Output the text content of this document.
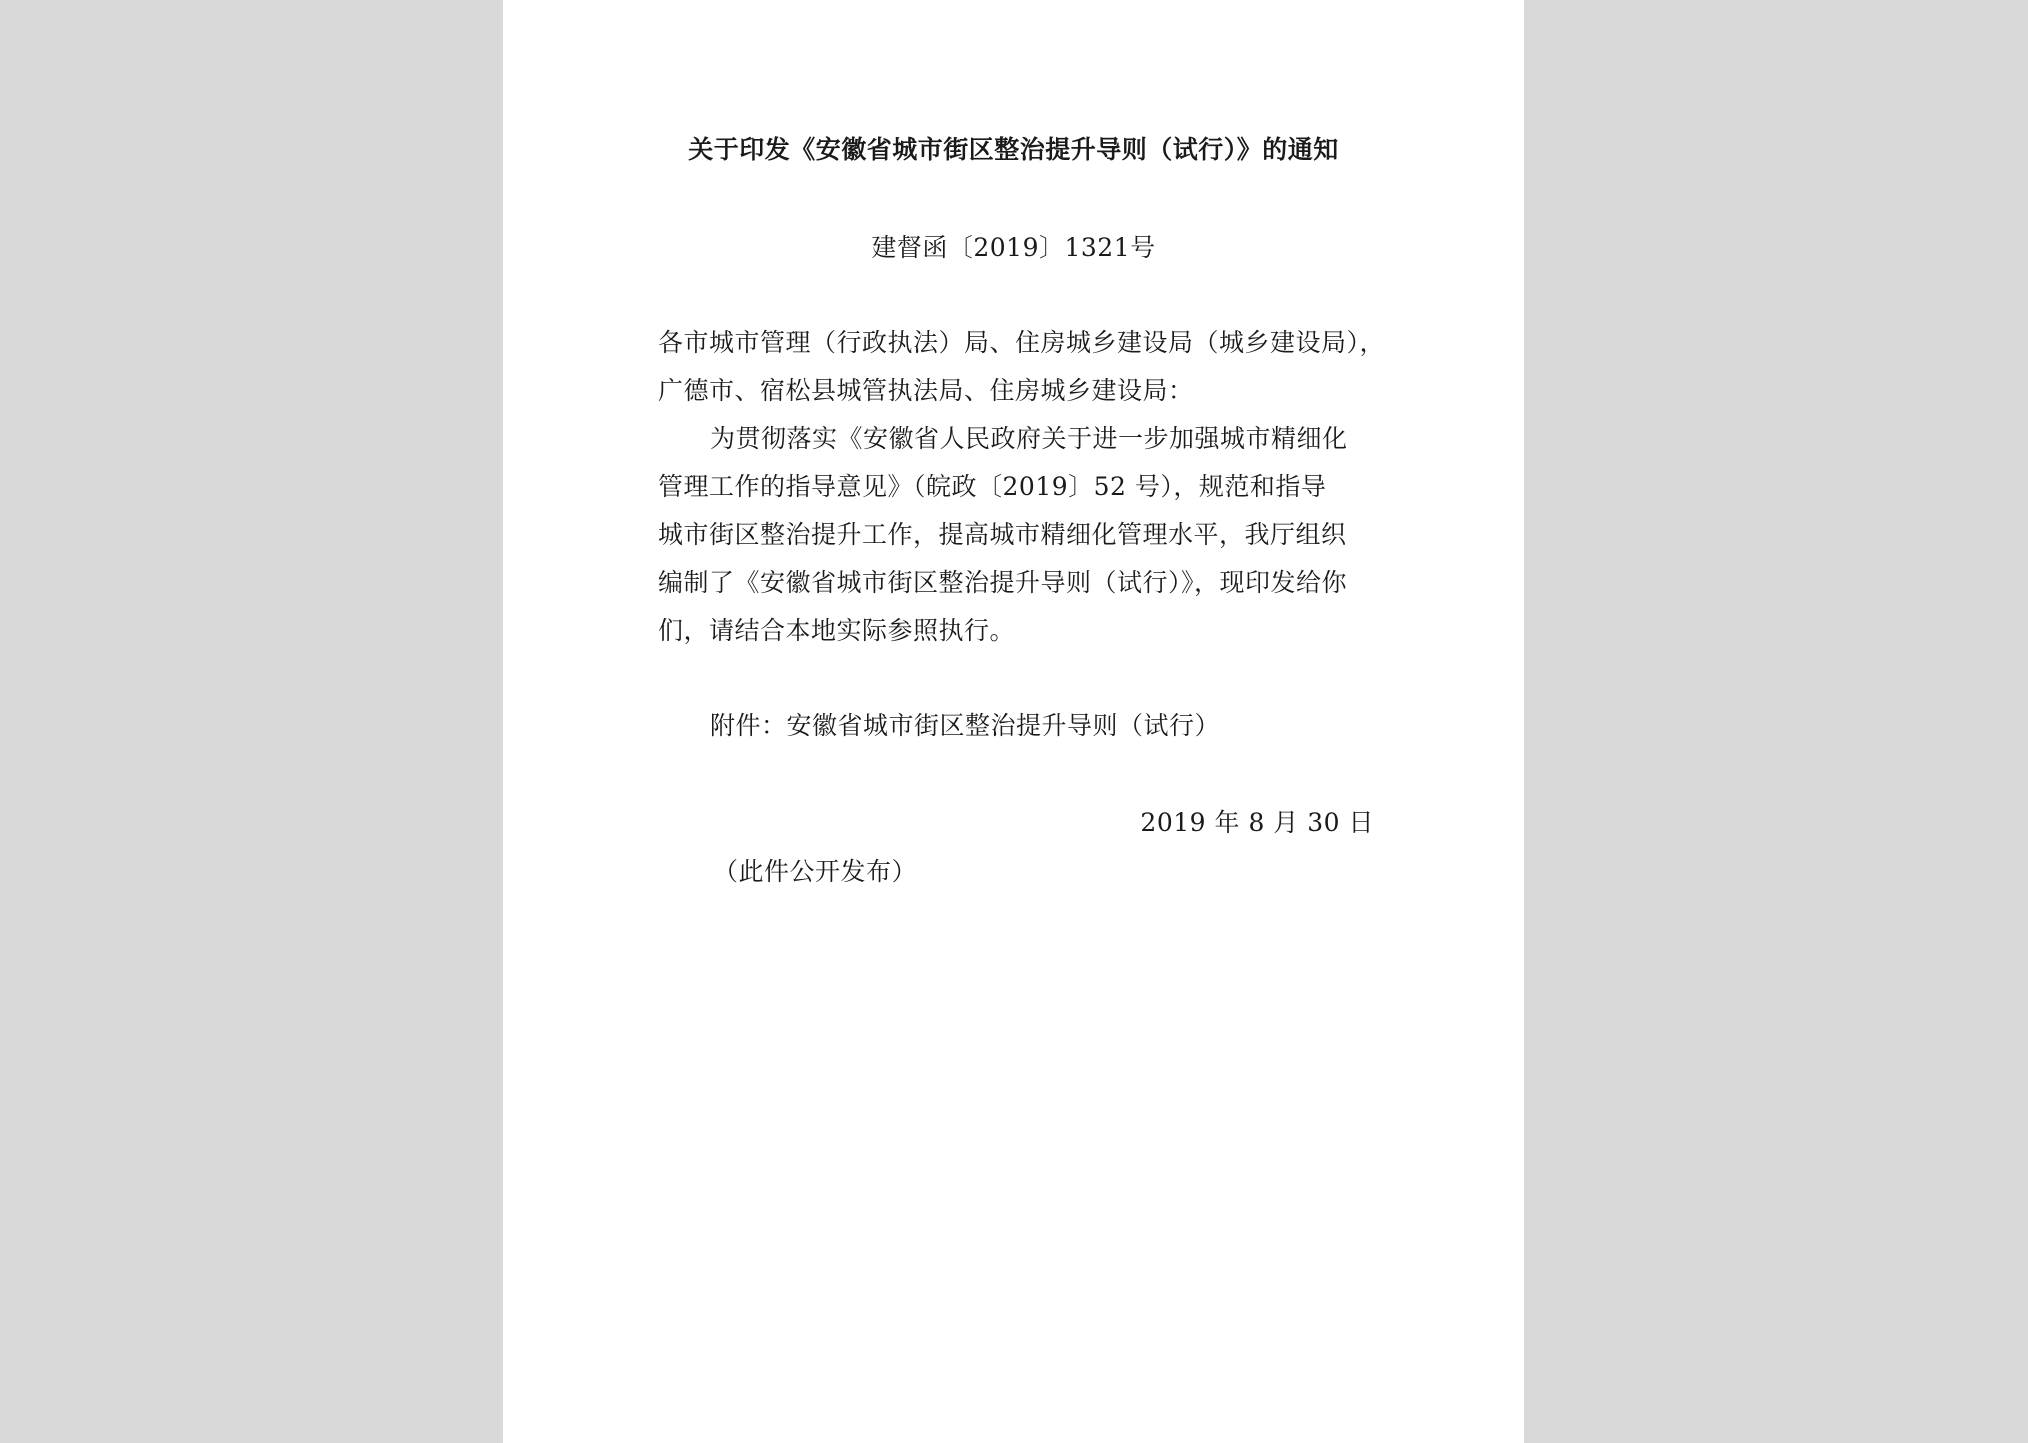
关于印发《安徽省城市街区整治提升导则（试行）》的通知
建督函〔2019〕1321号
各市城市管理（行政执法）局、住房城乡建设局（城乡建设局），
广德市、宿松县城管执法局、住房城乡建设局：
为贯彻落实《安徽省人民政府关于进一步加强城市精细化
管理工作的指导意见》（皖政〔2019〕52 号），规范和指导
城市街区整治提升工作，提高城市精细化管理水平，我厅组织
编制了《安徽省城市街区整治提升导则（试行）》，现印发给你
们，请结合本地实际参照执行。
附件：安徽省城市街区整治提升导则（试行）
2019 年 8 月 30 日
（此件公开发布）
